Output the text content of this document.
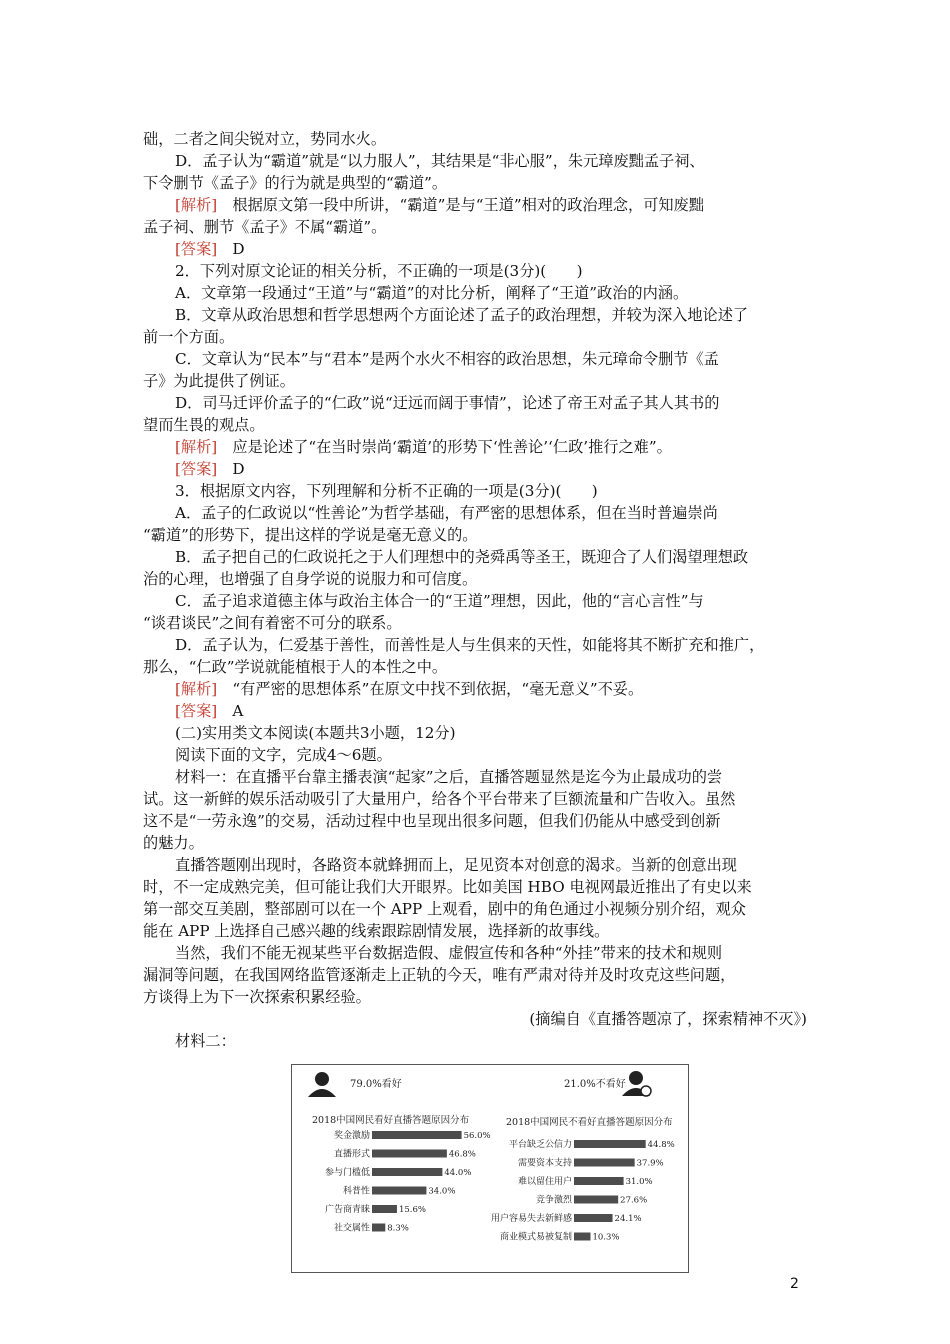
础，二者之间尖锐对立，势同水火。
D．孟子认为“霸道”就是“以力服人”，其结果是“非心服”，朱元璋废黜孟子祠、
下令删节《孟子》的行为就是典型的“霸道”。
[解析]　 根据原文第一段中所讲，“霸道”是与“王道”相对的政治理念，可知废黜
孟子祠、删节《孟子》不属“霸道”。
[答案]　 D
2．下列对原文论证的相关分析，不正确的一项是(3分)(　　)
A．文章第一段通过“王道”与“霸道”的对比分析，阐释了“王道”政治的内涵。
B．文章从政治思想和哲学思想两个方面论述了孟子的政治理想，并较为深入地论述了
前一个方面。
C．文章认为“民本”与“君本”是两个水火不相容的政治思想，朱元璋命令删节《孟
子》为此提供了例证。
D．司马迁评价孟子的“仁政”说“迂远而阔于事情”，论述了帝王对孟子其人其书的
望而生畏的观点。
[解析]　 应是论述了“在当时崇尚‘霸道’的形势下‘性善论’‘仁政’推行之难”。
[答案]　 D
3．根据原文内容，下列理解和分析不正确的一项是(3分)(　　)
A．孟子的仁政说以“性善论”为哲学基础，有严密的思想体系，但在当时普遍崇尚
“霸道”的形势下，提出这样的学说是毫无意义的。
B．孟子把自己的仁政说托之于人们理想中的尧舜禹等圣王，既迎合了人们渴望理想政
治的心理，也增强了自身学说的说服力和可信度。
C．孟子追求道德主体与政治主体合一的“王道”理想，因此，他的“言心言性”与
“谈君谈民”之间有着密不可分的联系。
D．孟子认为，仁爱基于善性，而善性是人与生俱来的天性，如能将其不断扩充和推广，
那么，“仁政”学说就能植根于人的本性之中。
[解析]　 “有严密的思想体系”在原文中找不到依据，“毫无意义”不妥。
[答案]　 A
(二)实用类文本阅读(本题共3小题，12分)
阅读下面的文字，完成4～6题。
材料一：在直播平台靠主播表演“起家”之后，直播答题显然是迄今为止最成功的尝
试。这一新鲜的娱乐活动吸引了大量用户，给各个平台带来了巨额流量和广告收入。虽然
这不是“一劳永逸”的交易，活动过程中也呈现出很多问题，但我们仍能从中感受到创新
的魅力。
直播答题刚出现时，各路资本就蜂拥而上，足见资本对创意的渴求。当新的创意出现
时，不一定成熟完美，但可能让我们大开眼界。比如美国 HBO 电视网最近推出了有史以来
第一部交互美剧，整部剧可以在一个 APP 上观看，剧中的角色通过小视频分别介绍，观众
能在 APP 上选择自己感兴趣的线索跟踪剧情发展，选择新的故事线。
当然，我们不能无视某些平台数据造假、虚假宣传和各种“外挂”带来的技术和规则
漏洞等问题，在我国网络监管逐渐走上正轨的今天，唯有严肃对待并及时攻克这些问题，
方谈得上为下一次探索积累经验。
(摘编自《直播答题凉了，探索精神不灭》)
材料二：
79.0%看好
2018中国网民看好直播答题原因分布
21.0%不看好
2018中国网民不看好直播答题原因分布
奖金激励	56.0%
直播形式	46.8%
参与门槛低	44.0%
科普性	34.0%
广告商青睐	15.6%
社交属性 8.3%
平台缺乏公信力	44.8%
需要资本支持	37.9%
难以留住用户	31.0%
竞争激烈	27.6%
用户容易失去新鲜感	24.1%
商业模式易被复制 10.3%
2
